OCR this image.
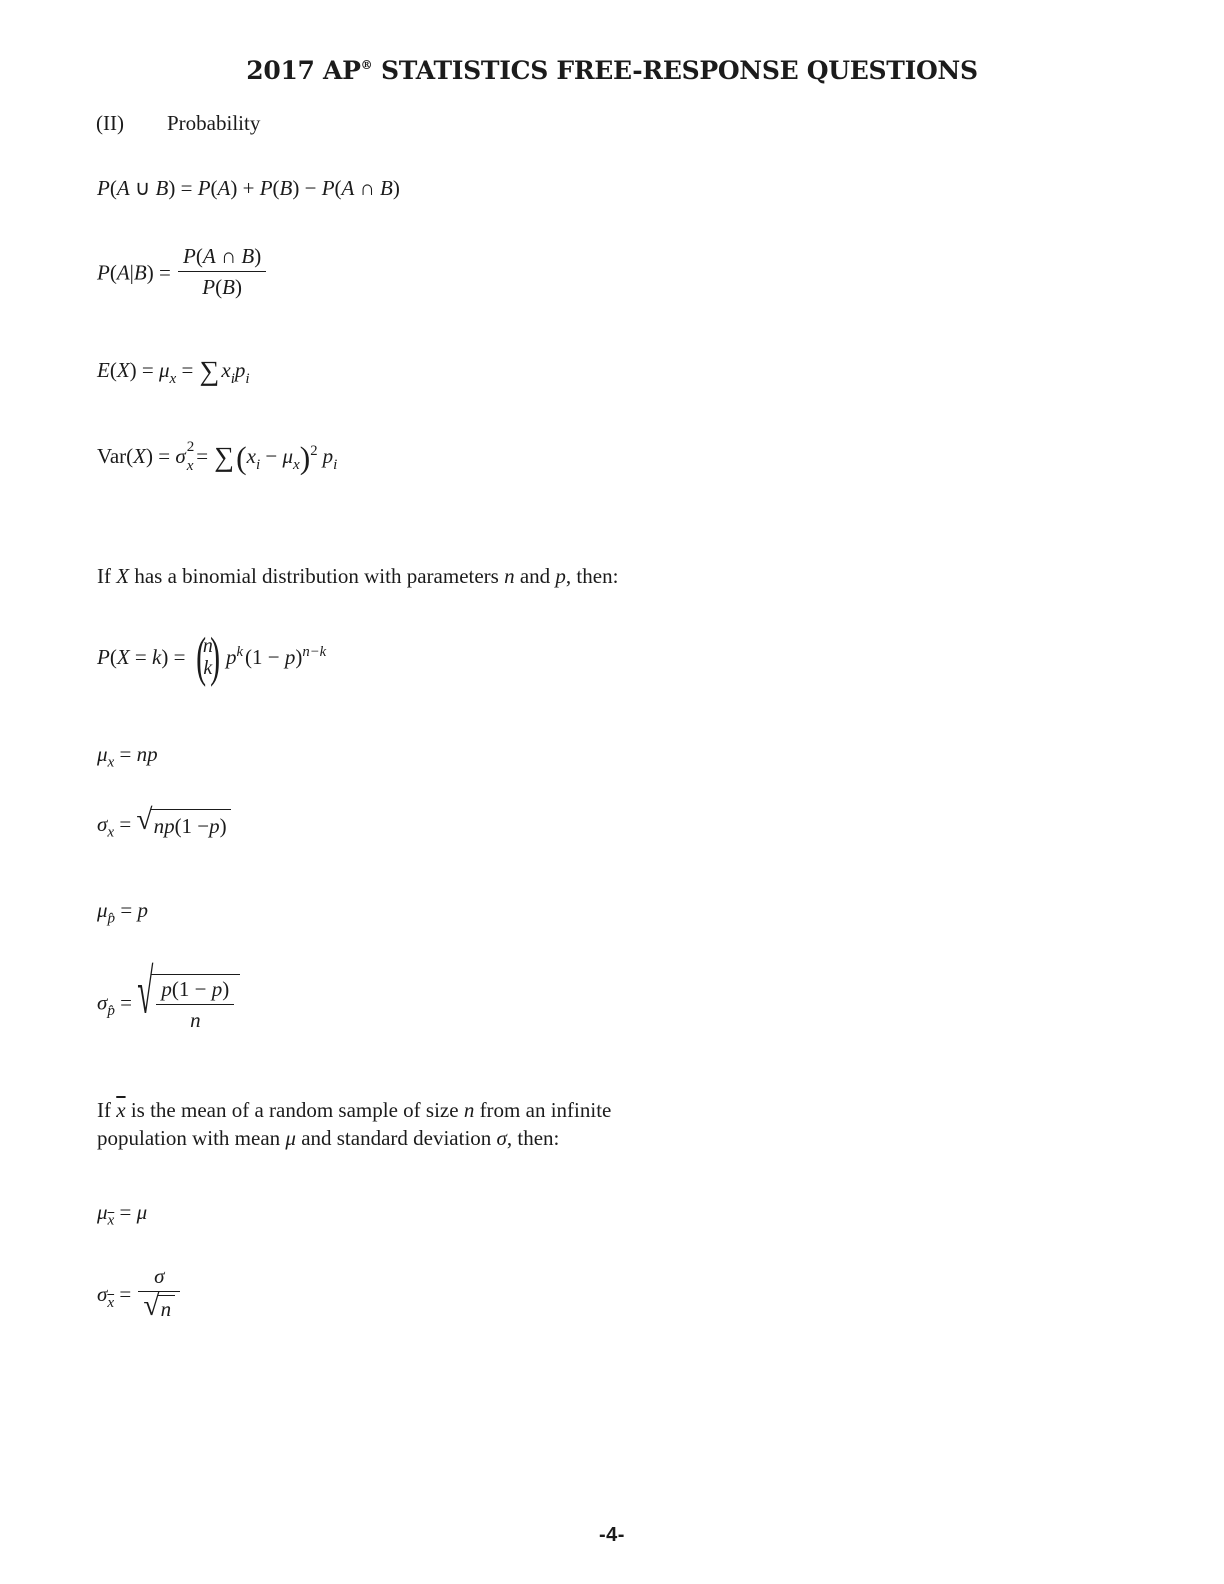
2017 AP® STATISTICS FREE-RESPONSE QUESTIONS
(II) Probability
P(A ∪ B) = P(A) + P(B) − P(A ∩ B)
$P(A|B) = \frac{P(A \cap B)}{P(B)}$
$E(X) = \mu_x = \sum x_ip_i$
Var(X) = σ 2
$x = \sum(x_i - \mu_x)^2$ $p_i$
If X has a binomial distribution with parameters n and p, then:
P(X = k) = (
n
k
) $p^k(1 - p)^{n-k}$
$\mu_x$ = np
$\sigma_x$ = √ np (1 − p )
$\mu_{p̂} = p$
$\sigma_{p̂}$ = √ $\frac{p(1 - p)}{n}$
If $\overline{x}$ is the mean of a random sample of size n from an infinite
population with mean μ and standard deviation σ, then:
$\mu_{\overline{x}} = \mu$
$\sigma_{\overline{x}} = \frac{\sigma}{√ n}$
-4-
